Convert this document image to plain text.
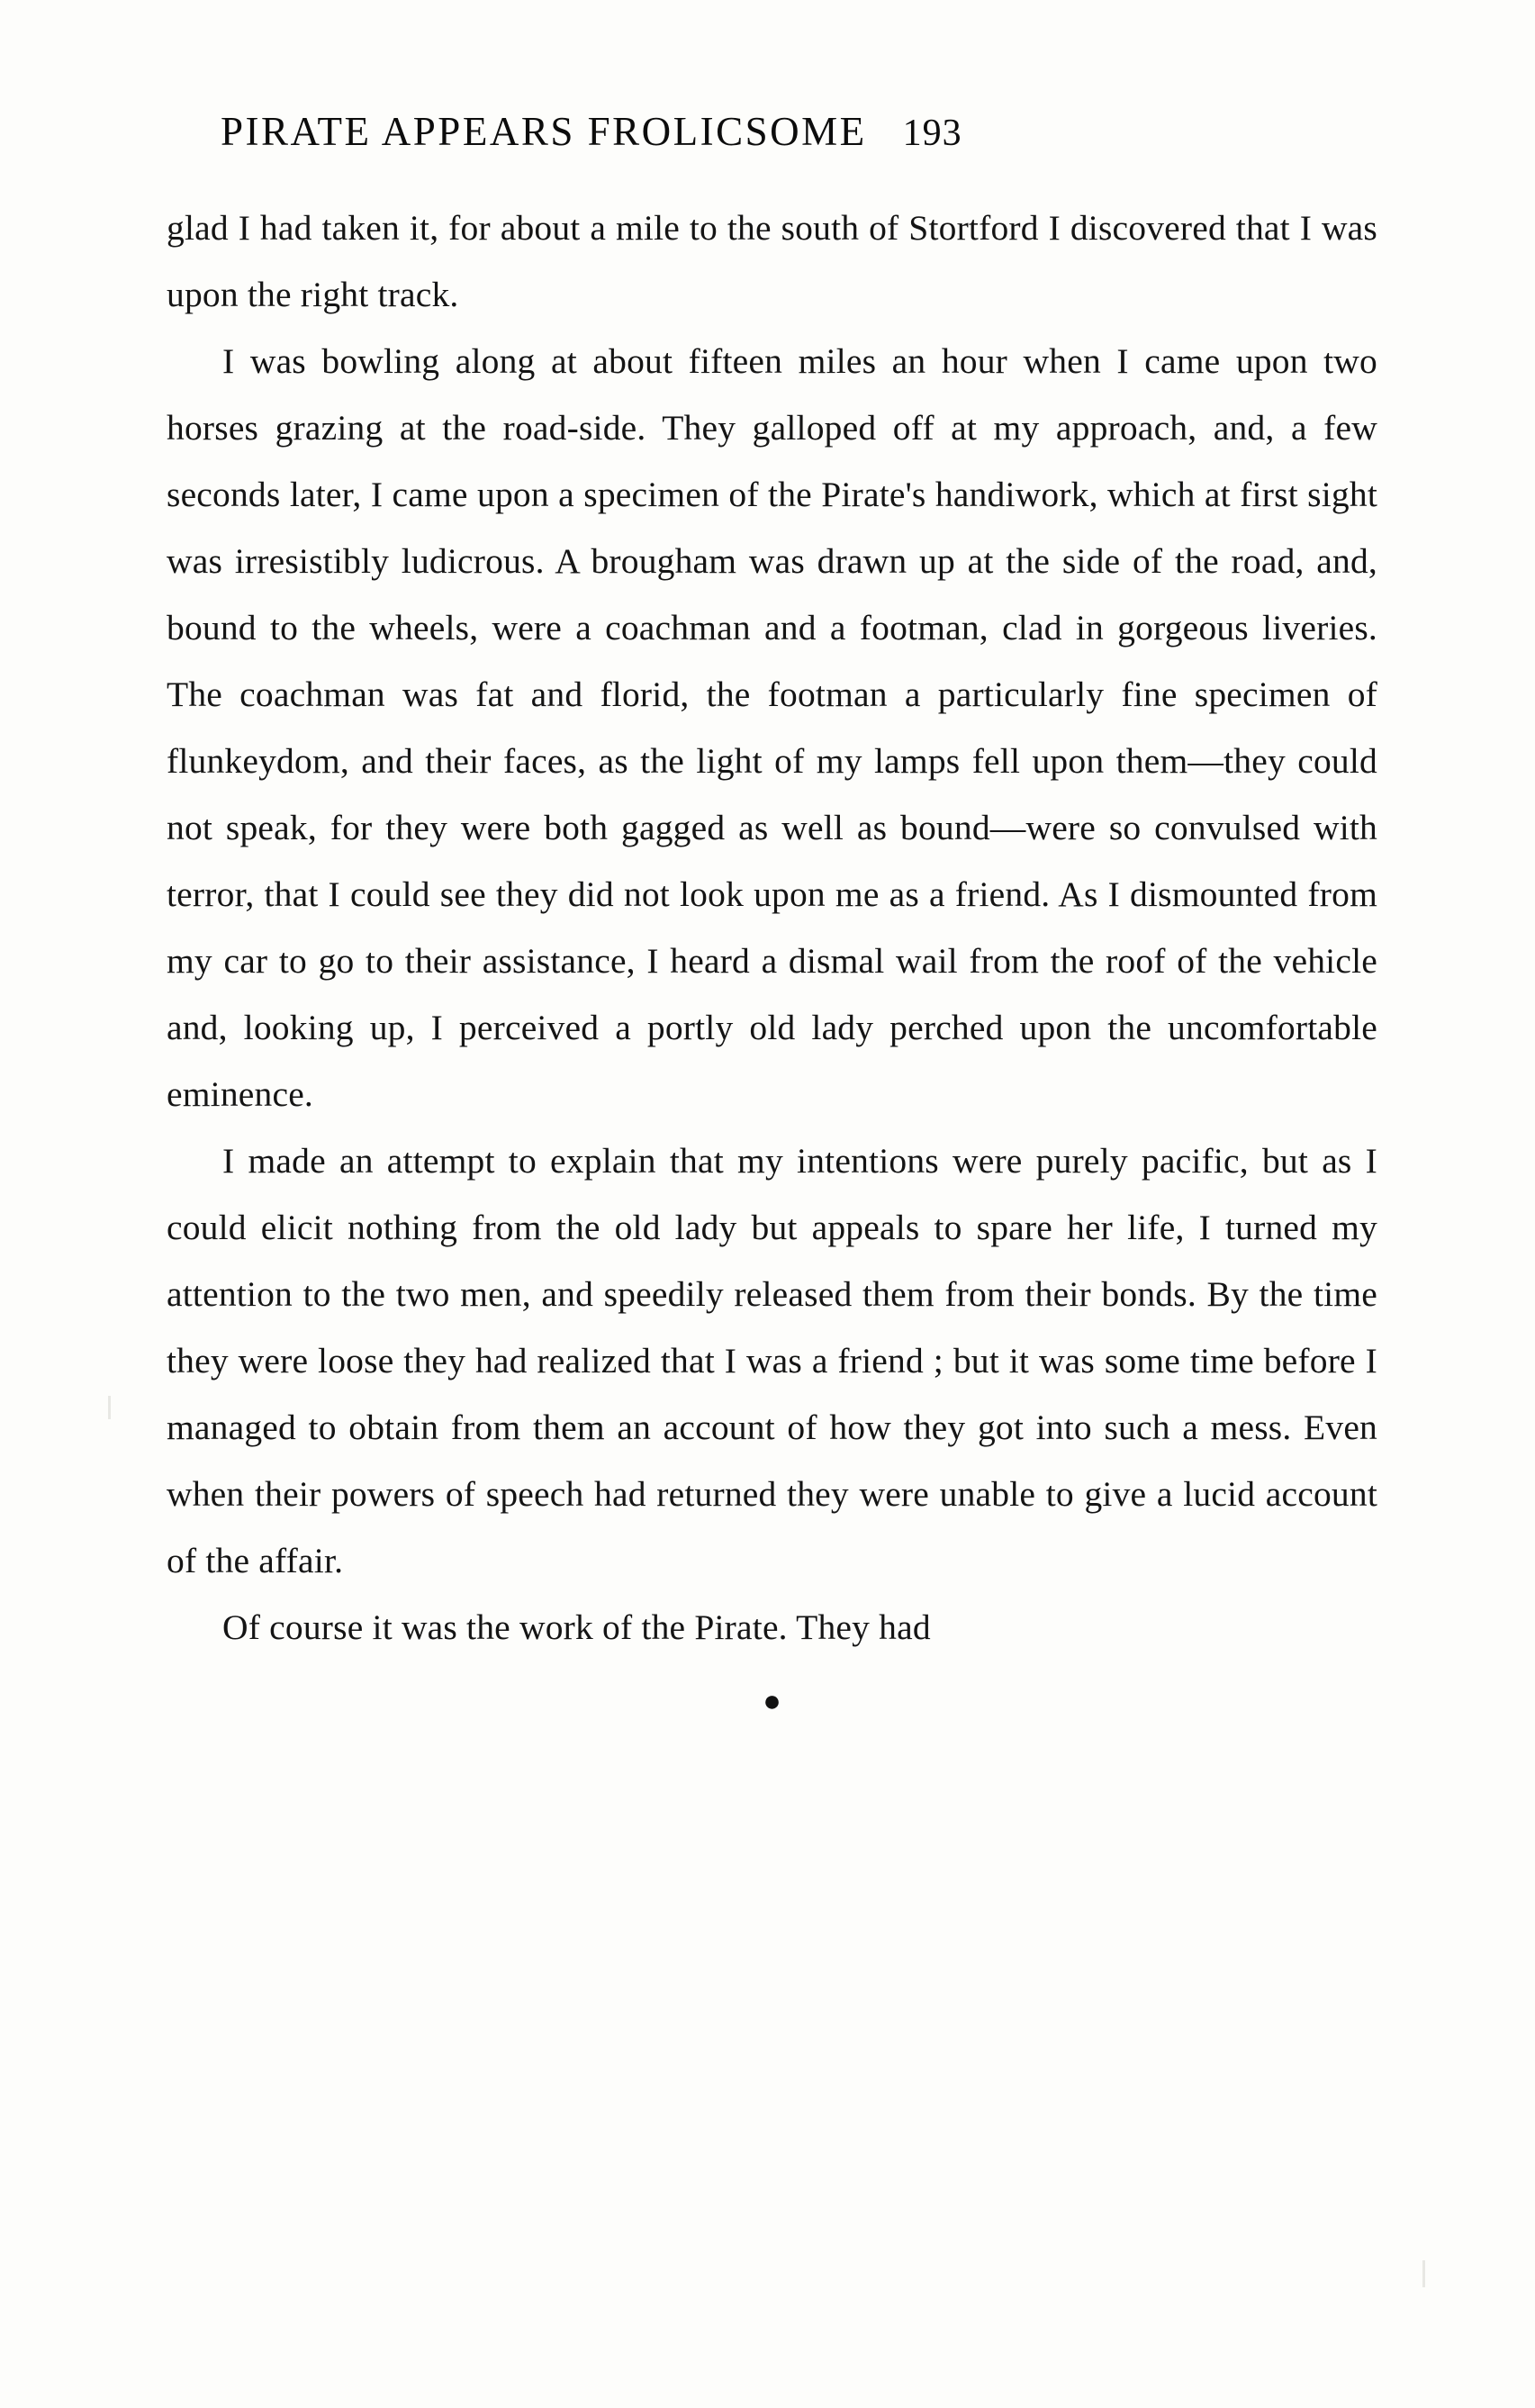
PIRATE APPEARS FROLICSOME 193

glad I had taken it, for about a mile to the south of Stortford I discovered that I was upon the right track.

I was bowling along at about fifteen miles an hour when I came upon two horses grazing at the road-side. They galloped off at my approach, and, a few seconds later, I came upon a specimen of the Pirate's handiwork, which at first sight was irresistibly ludicrous. A brougham was drawn up at the side of the road, and, bound to the wheels, were a coachman and a footman, clad in gorgeous liveries. The coachman was fat and florid, the footman a particularly fine specimen of flunkeydom, and their faces, as the light of my lamps fell upon them—they could not speak, for they were both gagged as well as bound—were so convulsed with terror, that I could see they did not look upon me as a friend. As I dismounted from my car to go to their assistance, I heard a dismal wail from the roof of the vehicle and, looking up, I perceived a portly old lady perched upon the uncomfortable eminence.

I made an attempt to explain that my intentions were purely pacific, but as I could elicit nothing from the old lady but appeals to spare her life, I turned my attention to the two men, and speedily released them from their bonds. By the time they were loose they had realized that I was a friend ; but it was some time before I managed to obtain from them an account of how they got into such a mess. Even when their powers of speech had returned they were unable to give a lucid account of the affair.

Of course it was the work of the Pirate. They had

●
